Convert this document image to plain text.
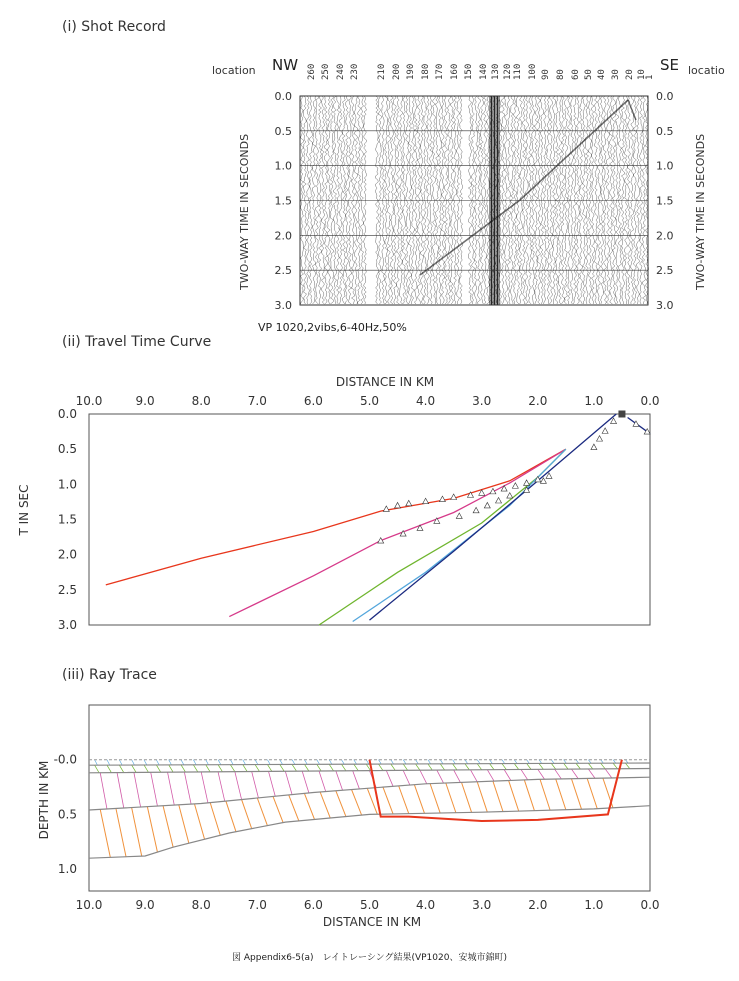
(i) Shot Record
(ii) Travel Time Curve
(iii) Ray Trace
location	locatio
NW	SE
260 250 240 230 210 200 190 180 170 160 150 140 130 120 110 100 90 80 60 50 40 30 20 10
1
0.0	0.0
0.5	0.5
1.0	1.0
1.5	1.5
2.0	2.0
2.5	2.5
3.0	3.0
TWO-WAY TIME IN SECONDS	TWO-WAY TIME IN SECONDS
VP 1020,2vibs,6-40Hz,50%
DISTANCE IN KM
10.0	9.0	8.0	7.0	6.0	5.0	4.0	3.0	2.0	1.0	0.0
0.0
0.5
1.0
1.5
2.0
2.5
3.0
T IN SEC
-0.0
0.5
1.0
10.0	9.0	8.0	7.0	6.0	5.0	4.0	3.0	2.0	1.0	0.0
DEPTH IN KM
DISTANCE IN KM
図 Appendix6-5(a)　レイトレーシング結果(VP1020、安城市錦町)
